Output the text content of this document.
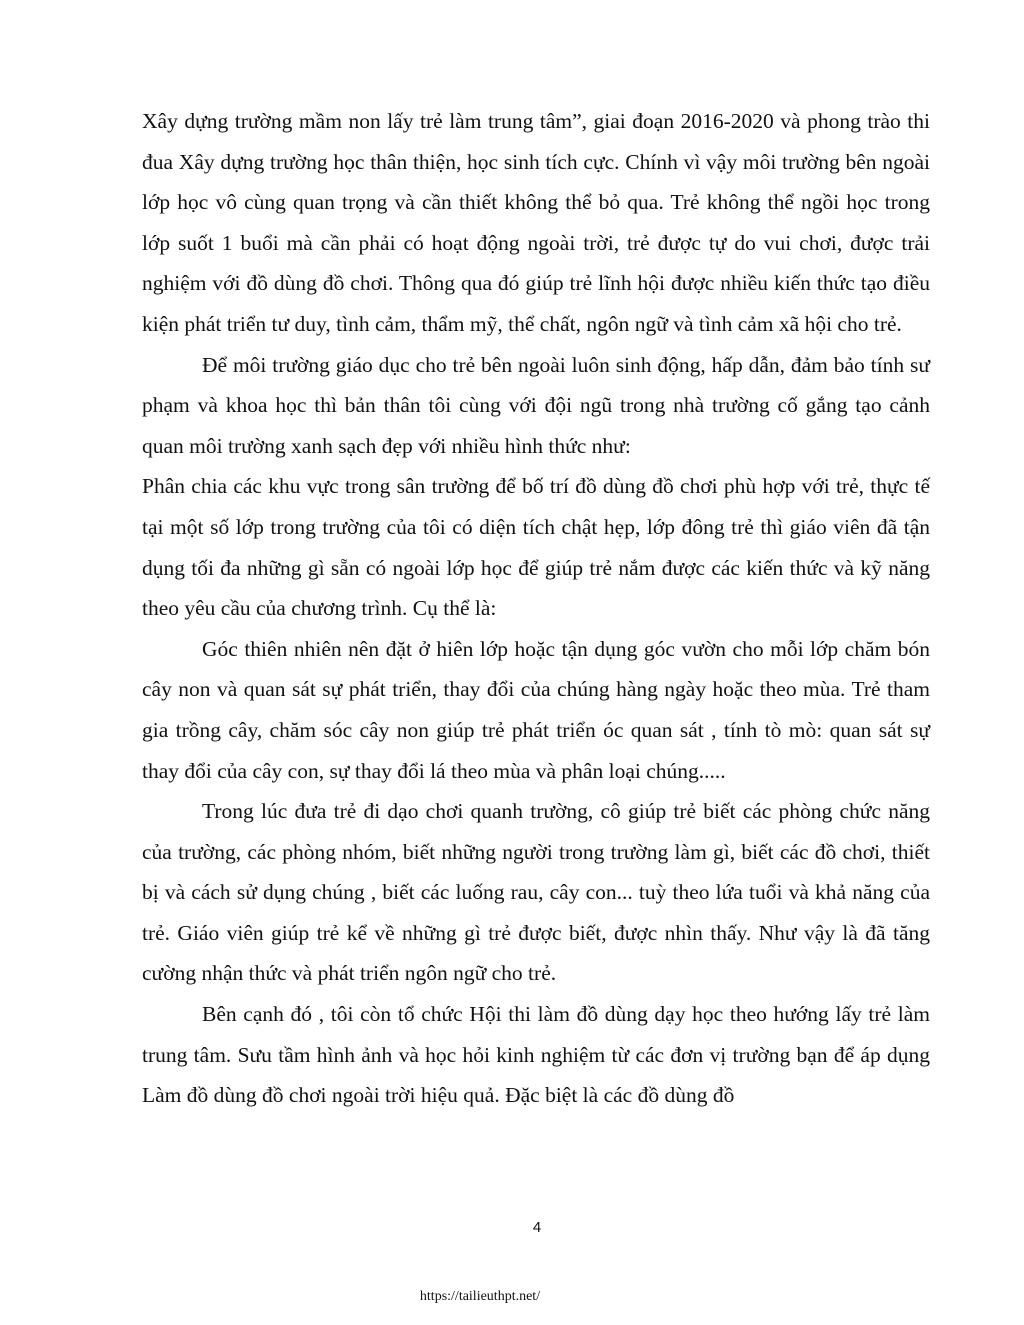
Xây dựng trường mầm non lấy trẻ làm trung tâm”, giai đoạn 2016-2020 và phong trào thi đua Xây dựng trường học thân thiện, học sinh tích cực. Chính vì vậy môi trường bên ngoài lớp học vô cùng quan trọng và cần thiết không thể bỏ qua. Trẻ không thể ngồi học trong lớp suốt 1 buổi mà cần phải có hoạt động ngoài trời, trẻ được tự do vui chơi, được trải nghiệm với đồ dùng đồ chơi. Thông qua đó giúp trẻ lĩnh hội được nhiều kiến thức tạo điều kiện phát triển tư duy, tình cảm, thẩm mỹ, thể chất, ngôn ngữ và tình cảm xã hội cho trẻ.

Để môi trường giáo dục cho trẻ bên ngoài luôn sinh động, hấp dẫn, đảm bảo tính sư phạm và khoa học thì bản thân tôi cùng với đội ngũ trong nhà trường cố gắng tạo cảnh quan môi trường xanh sạch đẹp với nhiều hình thức như:

Phân chia các khu vực trong sân trường để bố trí đồ dùng đồ chơi phù hợp với trẻ, thực tế tại một số lớp trong trường của tôi có diện tích chật hẹp, lớp đông trẻ thì giáo viên đã tận dụng tối đa những gì sẵn có ngoài lớp học để giúp trẻ nắm được các kiến thức và kỹ năng theo yêu cầu của chương trình. Cụ thể là:

Góc thiên nhiên nên đặt ở hiên lớp hoặc tận dụng góc vườn cho mỗi lớp chăm bón cây non và quan sát sự phát triển, thay đổi của chúng hàng ngày hoặc theo mùa. Trẻ tham gia trồng cây, chăm sóc cây non giúp trẻ phát triển óc quan sát , tính tò mò: quan sát sự thay đổi của cây con, sự thay đổi lá theo mùa và phân loại chúng.....

Trong lúc đưa trẻ đi dạo chơi quanh trường, cô giúp trẻ biết các phòng chức năng của trường, các phòng nhóm, biết những người trong trường làm gì, biết các đồ chơi, thiết bị và cách sử dụng chúng , biết các luống rau, cây con... tuỳ theo lứa tuổi và khả năng của trẻ. Giáo viên giúp trẻ kể về những gì trẻ được biết, được nhìn thấy. Như vậy là đã tăng cường nhận thức và phát triển ngôn ngữ cho trẻ.

Bên cạnh đó , tôi còn tổ chức Hội thi làm đồ dùng dạy học theo hướng lấy trẻ làm trung tâm. Sưu tầm hình ảnh và học hỏi kinh nghiệm từ các đơn vị trường bạn để áp dụng Làm đồ dùng đồ chơi ngoài trời hiệu quả. Đặc biệt là các đồ dùng đồ

4
https://tailieuthpt.net/
